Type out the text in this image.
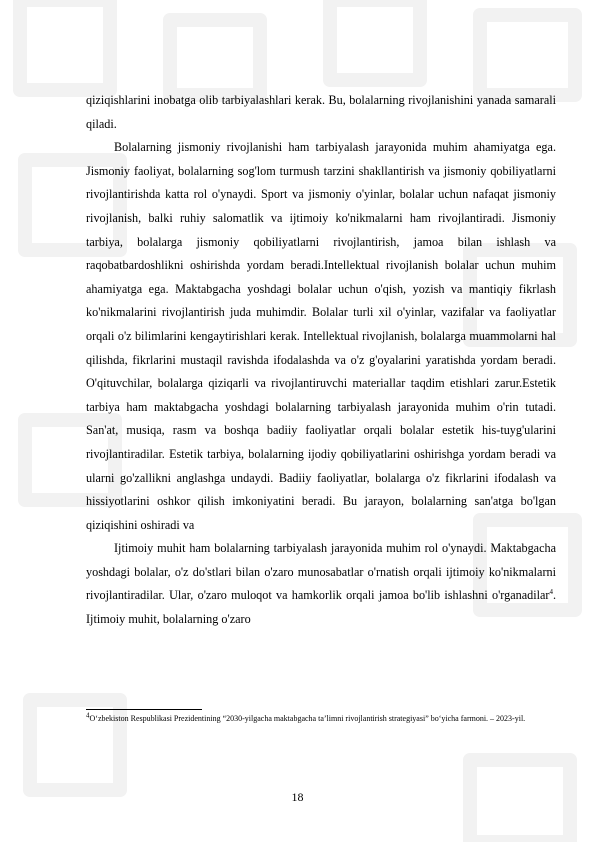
qiziqishlarini inobatga olib tarbiyalashlari kerak. Bu, bolalarning rivojlanishini yanada samarali qiladi.

Bolalarning jismoniy rivojlanishi ham tarbiyalash jarayonida muhim ahamiyatga ega. Jismoniy faoliyat, bolalarning sog'lom turmush tarzini shakllantirish va jismoniy qobiliyatlarni rivojlantirishda katta rol o'ynaydi. Sport va jismoniy o'yinlar, bolalar uchun nafaqat jismoniy rivojlanish, balki ruhiy salomatlik va ijtimoiy ko'nikmalarni ham rivojlantiradi. Jismoniy tarbiya, bolalarga jismoniy qobiliyatlarni rivojlantirish, jamoa bilan ishlash va raqobatbardoshlikni oshirishda yordam beradi.Intellektual rivojlanish bolalar uchun muhim ahamiyatga ega. Maktabgacha yoshdagi bolalar uchun o'qish, yozish va mantiqiy fikrlash ko'nikmalarini rivojlantirish juda muhimdir. Bolalar turli xil o'yinlar, vazifalar va faoliyatlar orqali o'z bilimlarini kengaytirishlari kerak. Intellektual rivojlanish, bolalarga muammolarni hal qilishda, fikrlarini mustaqil ravishda ifodalashda va o'z g'oyalarini yaratishda yordam beradi. O'qituvchilar, bolalarga qiziqarli va rivojlantiruvchi materiallar taqdim etishlari zarur.Estetik tarbiya ham maktabgacha yoshdagi bolalarning tarbiyalash jarayonida muhim o'rin tutadi. San'at, musiqa, rasm va boshqa badiiy faoliyatlar orqali bolalar estetik his-tuyg'ularini rivojlantiradilar. Estetik tarbiya, bolalarning ijodiy qobiliyatlarini oshirishga yordam beradi va ularni go'zallikni anglashga undaydi. Badiiy faoliyatlar, bolalarga o'z fikrlarini ifodalash va hissiyotlarini oshkor qilish imkoniyatini beradi. Bu jarayon, bolalarning san'atga bo'lgan qiziqishini oshiradi va

Ijtimoiy muhit ham bolalarning tarbiyalash jarayonida muhim rol o'ynaydi. Maktabgacha yoshdagi bolalar, o'z do'stlari bilan o'zaro munosabatlar o'rnatish orqali ijtimoiy ko'nikmalarni rivojlantiradilar. Ular, o'zaro muloqot va hamkorlik orqali jamoa bo'lib ishlashni o'rganadilar$^4$. Ijtimoiy muhit, bolalarning o'zaro

$^4$O‘zbekiston Respublikasi Prezidentining “2030-yilgacha maktabgacha ta’limni rivojlantirish strategiyasi” bo‘yicha farmoni. – 2023-yil.
18
